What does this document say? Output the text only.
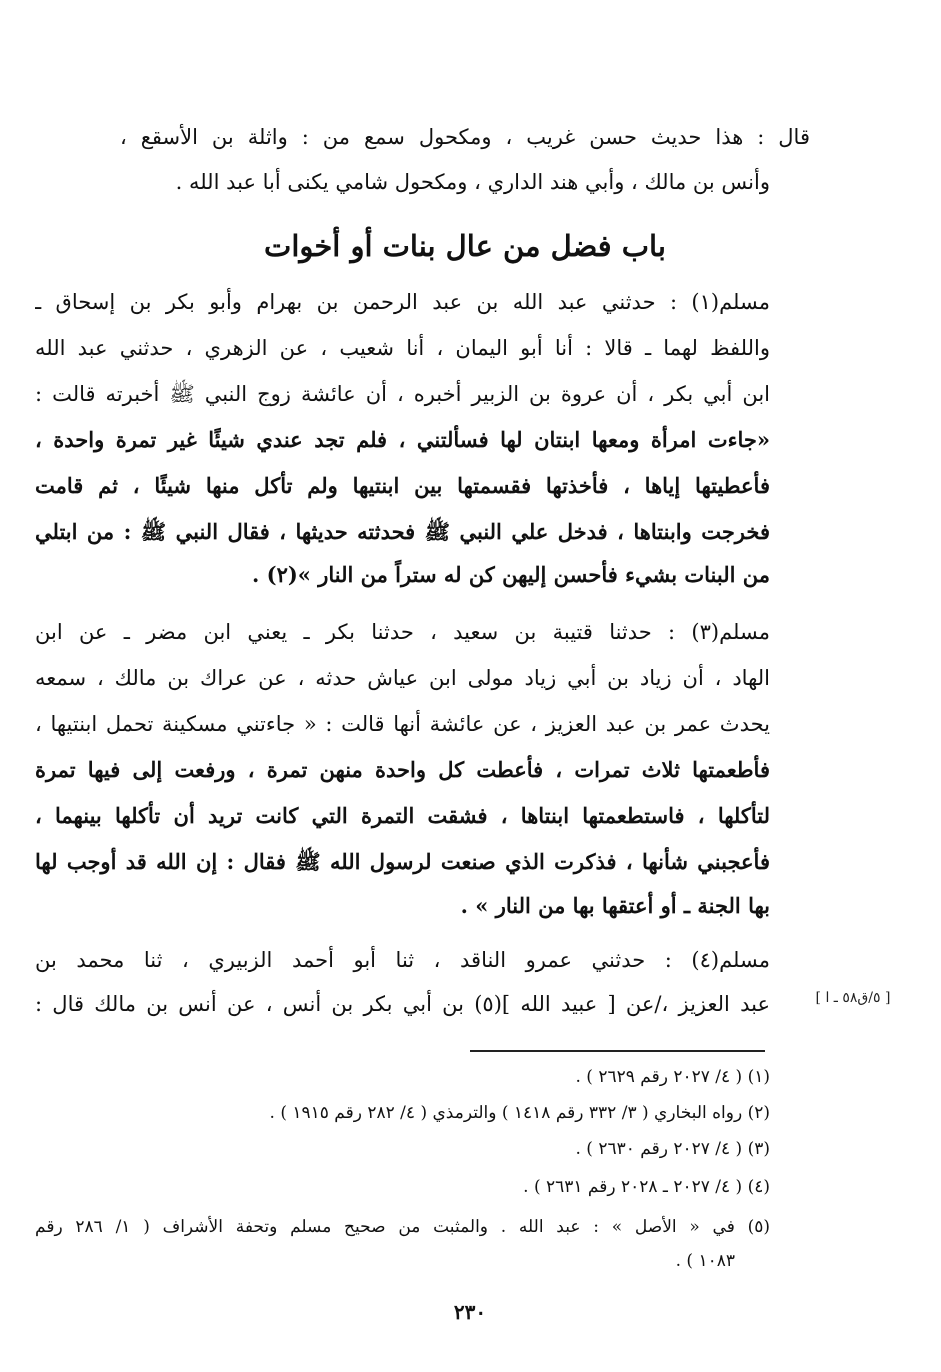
قال : هذا حديث حسن غريب ، ومكحول سمع من : واثلة بن الأسقع ،
وأنس بن مالك ، وأبي هند الداري ، ومكحول شامي يكنى أبا عبد الله .
باب فضل من عال بنات أو أخوات
مسلم(١) : حدثني عبد الله بن عبد الرحمن بن بهرام وأبو بكر بن إسحاق ـ
واللفظ لهما ـ قالا : أنا أبو اليمان ، أنا شعيب ، عن الزهري ، حدثني عبد الله
ابن أبي بكر ، أن عروة بن الزبير أخبره ، أن عائشة زوج النبي ﷺ أخبرته قالت :
«جاءت امرأة ومعها ابنتان لها فسألتني ، فلم تجد عندي شيئًا غير تمرة واحدة ،
فأعطيتها إياها ، فأخذتها فقسمتها بين ابنتيها ولم تأكل منها شيئًا ، ثم قامت
فخرجت وابنتاها ، فدخل علي النبي ﷺ فحدثته حديثها ، فقال النبي ﷺ : من ابتلي
من البنات بشيء فأحسن إليهن كن له ستراً من النار »(٢) .
مسلم(٣) : حدثنا قتيبة بن سعيد ، حدثنا بكر ـ يعني ابن مضر ـ عن ابن
الهاد ، أن زياد بن أبي زياد مولى ابن عياش حدثه ، عن عراك بن مالك ، سمعه
يحدث عمر بن عبد العزيز ، عن عائشة أنها قالت : « جاءتني مسكينة تحمل ابنتيها ،
فأطعمتها ثلاث تمرات ، فأعطت كل واحدة منهن تمرة ، ورفعت إلى فيها تمرة
لتأكلها ، فاستطعمتها ابنتاها ، فشقت التمرة التي كانت تريد أن تأكلها بينهما ،
فأعجبني شأنها ، فذكرت الذي صنعت لرسول الله ﷺ فقال : إن الله قد أوجب لها
بها الجنة ـ أو أعتقها بها من النار » .
مسلم(٤) : حدثني عمرو الناقد ، ثنا أبو أحمد الزبيري ، ثنا محمد بن
عبد العزيز ،/عن [ عبيد الله ](٥) بن أبي بكر بن أنس ، عن أنس بن مالك قال :	[ ٥/ق٥٨ ـ ا ]
(١) ( ٤/ ٢٠٢٧ رقم ٢٦٢٩ ) .
(٢) رواه البخاري ( ٣/ ٣٣٢ رقم ١٤١٨ ) والترمذي ( ٤/ ٢٨٢ رقم ١٩١٥ ) .
(٣) ( ٤/ ٢٠٢٧ رقم ٢٦٣٠ ) .
(٤) ( ٤/ ٢٠٢٧ ـ ٢٠٢٨ رقم ٢٦٣١ ) .
(٥) في « الأصل » : عبد الله . والمثبت من صحيح مسلم وتحفة الأشراف ( ١/ ٢٨٦ رقم
١٠٨٣ ) .
٢٣٠
